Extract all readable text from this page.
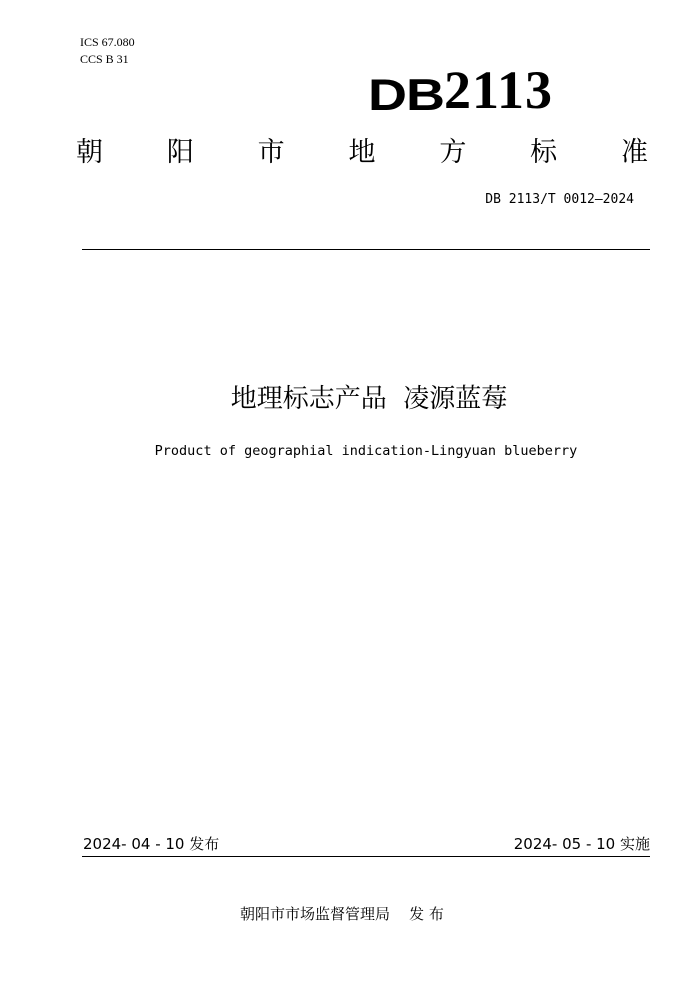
ICS 67.080
CCS B 31
DB2113
朝 阳 市 地 方 标 准
DB 2113/T 0012—2024
地理标志产品  凌源蓝莓
Product of geographial indication-Lingyuan blueberry
2024- 04 - 10 发布	2024- 05 - 10 实施
朝阳市市场监督管理局    发 布
